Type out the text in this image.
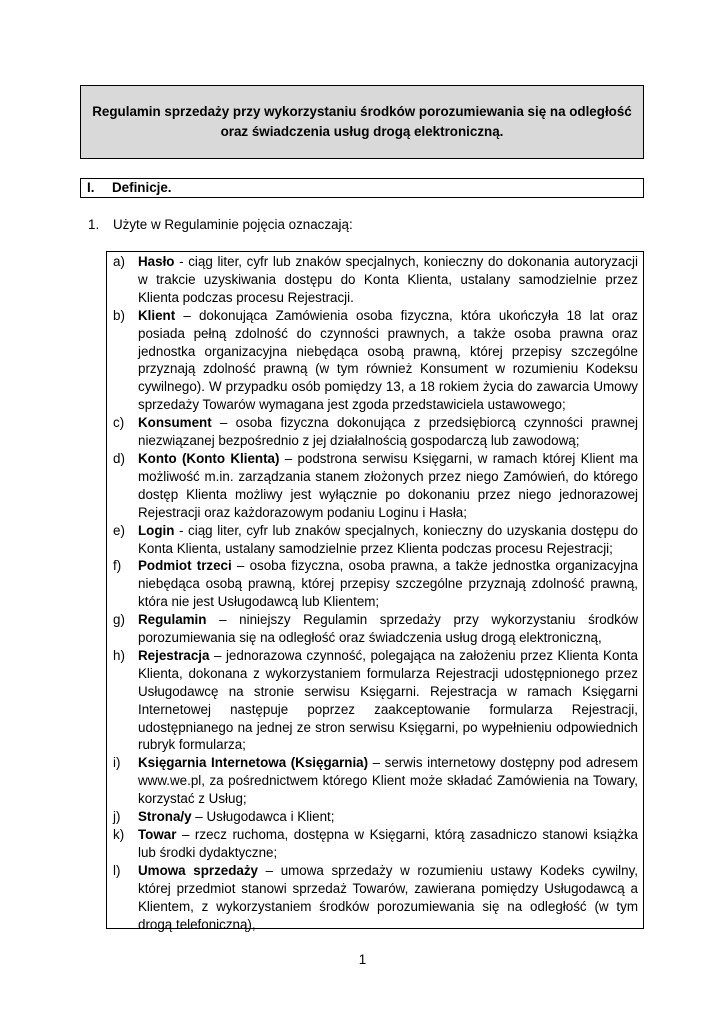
Regulamin sprzedaży przy wykorzystaniu środków porozumiewania się na odległość
oraz świadczenia usług drogą elektroniczną.
I. Definicje.
1. Użyte w Regulaminie pojęcia oznaczają:
a) Hasło - ciąg liter, cyfr lub znaków specjalnych, konieczny do dokonania autoryzacji w trakcie uzyskiwania dostępu do Konta Klienta, ustalany samodzielnie przez Klienta podczas procesu Rejestracji.
b) Klient – dokonująca Zamówienia osoba fizyczna, która ukończyła 18 lat oraz posiada pełną zdolność do czynności prawnych, a także osoba prawna oraz jednostka organizacyjna niebędąca osobą prawną, której przepisy szczególne przyznają zdolność prawną (w tym również Konsument w rozumieniu Kodeksu cywilnego). W przypadku osób pomiędzy 13, a 18 rokiem życia do zawarcia Umowy sprzedaży Towarów wymagana jest zgoda przedstawiciela ustawowego;
c) Konsument – osoba fizyczna dokonująca z przedsiębiorcą czynności prawnej niezwiązanej bezpośrednio z jej działalnością gospodarczą lub zawodową;
d) Konto (Konto Klienta) – podstrona serwisu Księgarni, w ramach której Klient ma możliwość m.in. zarządzania stanem złożonych przez niego Zamówień, do którego dostęp Klienta możliwy jest wyłącznie po dokonaniu przez niego jednorazowej Rejestracji oraz każdorazowym podaniu Loginu i Hasła;
e) Login - ciąg liter, cyfr lub znaków specjalnych, konieczny do uzyskania dostępu do Konta Klienta, ustalany samodzielnie przez Klienta podczas procesu Rejestracji;
f) Podmiot trzeci – osoba fizyczna, osoba prawna, a także jednostka organizacyjna niebędąca osobą prawną, której przepisy szczególne przyznają zdolność prawną, która nie jest Usługodawcą lub Klientem;
g) Regulamin – niniejszy Regulamin sprzedaży przy wykorzystaniu środków porozumiewania się na odległość oraz świadczenia usług drogą elektroniczną,
h) Rejestracja – jednorazowa czynność, polegająca na założeniu przez Klienta Konta Klienta, dokonana z wykorzystaniem formularza Rejestracji udostępnionego przez Usługodawcę na stronie serwisu Księgarni. Rejestracja w ramach Księgarni Internetowej następuje poprzez zaakceptowanie formularza Rejestracji, udostępnianego na jednej ze stron serwisu Księgarni, po wypełnieniu odpowiednich rubryk formularza;
i) Księgarnia Internetowa (Księgarnia) – serwis internetowy dostępny pod adresem www.we.pl, za pośrednictwem którego Klient może składać Zamówienia na Towary, korzystać z Usług;
j) Strona/y – Usługodawca i Klient;
k) Towar – rzecz ruchoma, dostępna w Księgarni, którą zasadniczo stanowi książka lub środki dydaktyczne;
l) Umowa sprzedaży – umowa sprzedaży w rozumieniu ustawy Kodeks cywilny, której przedmiot stanowi sprzedaż Towarów, zawierana pomiędzy Usługodawcą a Klientem, z wykorzystaniem środków porozumiewania się na odległość (w tym drogą telefoniczną),
1
